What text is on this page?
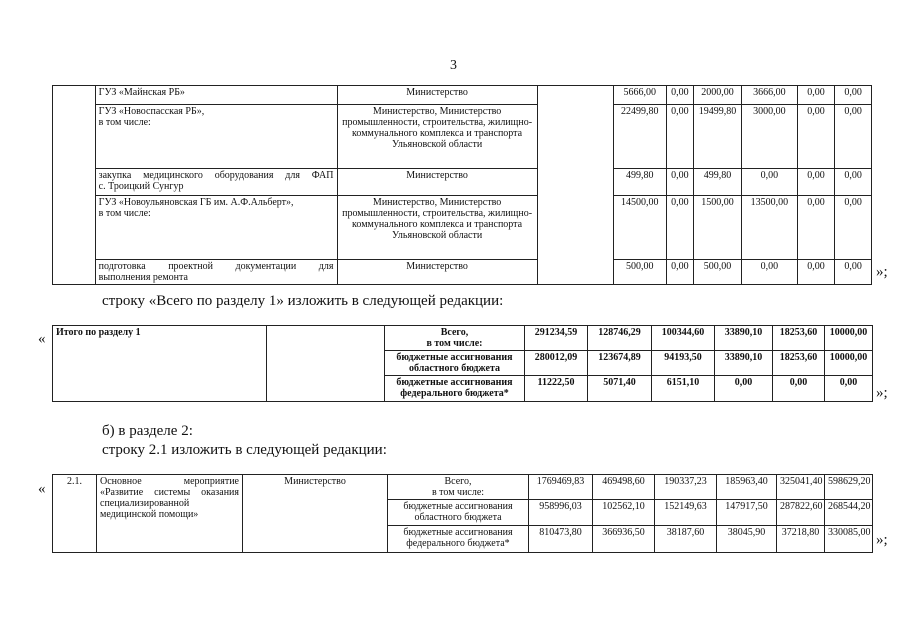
3
	ГУЗ «Майнская РБ»	Министерство		5666,00	0,00	2000,00	3666,00	0,00	0,00

	ГУЗ «Новоспасская РБ»,
в том числе:	Министерство, Министерство промышленности, строительства, жилищно-коммунального комплекса и транспорта Ульяновской области		22499,80	0,00	19499,80	3000,00	0,00	0,00

	закупка медицинского оборудования для ФАП
с. Троицкий Сунгур	Министерство		499,80	0,00	499,80	0,00	0,00	0,00

	ГУЗ «Новоульяновская ГБ им. А.Ф.Альберт»,
в том числе:	Министерство, Министерство промышленности, строительства, жилищно-коммунального комплекса и транспорта Ульяновской области		14500,00	0,00	1500,00	13500,00	0,00	0,00

	подготовка проектной документации для
выполнения ремонта	Министерство		500,00	0,00	500,00	0,00	0,00	0,00 »;
строку «Всего по разделу 1» изложить в следующей редакции:
« Итого по разделу 1		Всего,
в том числе:	291234,59	128746,29	100344,60	33890,10	18253,60	10000,00

		бюджетные ассигнования
областного бюджета	280012,09	123674,89	94193,50	33890,10	18253,60	10000,00

		бюджетные ассигнования
федерального бюджета*	11222,50	5071,40	6151,10	0,00	0,00	0,00
»;
б) в разделе 2:
строку 2.1 изложить в следующей редакции:
« 2.1.	Основное мероприятие «Развитие системы оказания специализированной медицинской помощи»	Министерство	Всего,
в том числе:	1769469,83	469498,60	190337,23	185963,40	325041,40	598629,20

			бюджетные ассигнования
областного бюджета	958996,03	102562,10	152149,63	147917,50	287822,60	268544,20

			бюджетные ассигнования
федерального бюджета*	810473,80	366936,50	38187,60	38045,90	37218,80	330085,00 »;
